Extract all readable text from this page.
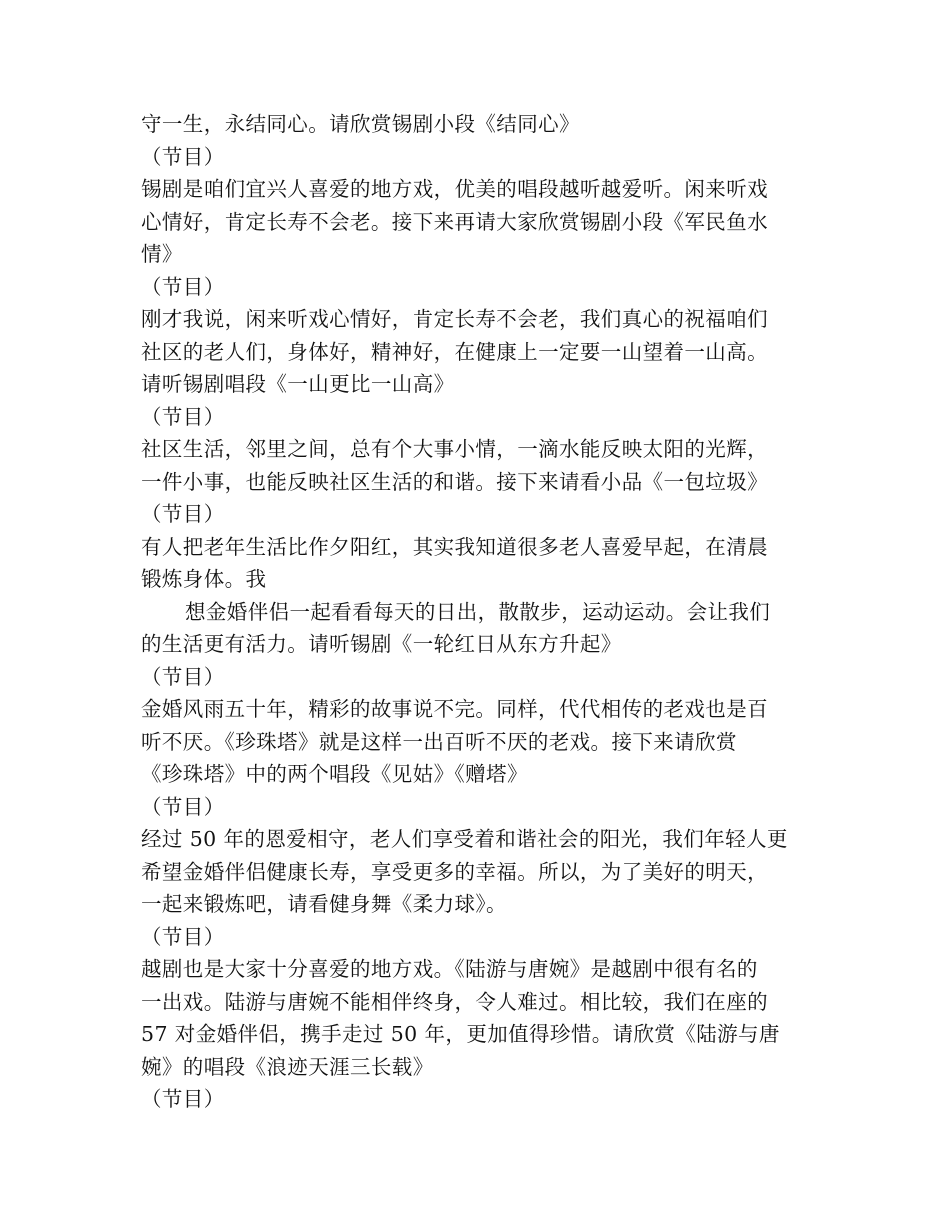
守一生，永结同心。请欣赏锡剧小段《结同心》
（节目）
锡剧是咱们宜兴人喜爱的地方戏，优美的唱段越听越爱听。闲来听戏
心情好，肯定长寿不会老。接下来再请大家欣赏锡剧小段《军民鱼水
情》
（节目）
刚才我说，闲来听戏心情好，肯定长寿不会老，我们真心的祝福咱们
社区的老人们，身体好，精神好，在健康上一定要一山望着一山高。
请听锡剧唱段《一山更比一山高》
（节目）
社区生活，邻里之间，总有个大事小情，一滴水能反映太阳的光辉，
一件小事，也能反映社区生活的和谐。接下来请看小品《一包垃圾》
（节目）
有人把老年生活比作夕阳红，其实我知道很多老人喜爱早起，在清晨
锻炼身体。我
想金婚伴侣一起看看每天的日出，散散步，运动运动。会让我们
的生活更有活力。请听锡剧《一轮红日从东方升起》
（节目）
金婚风雨五十年，精彩的故事说不完。同样，代代相传的老戏也是百
听不厌。《珍珠塔》就是这样一出百听不厌的老戏。接下来请欣赏
《珍珠塔》中的两个唱段《见姑》《赠塔》
（节目）
经过 50 年的恩爱相守，老人们享受着和谐社会的阳光，我们年轻人更
希望金婚伴侣健康长寿，享受更多的幸福。所以，为了美好的明天，
一起来锻炼吧，请看健身舞《柔力球》。
（节目）
越剧也是大家十分喜爱的地方戏。《陆游与唐婉》是越剧中很有名的
一出戏。陆游与唐婉不能相伴终身，令人难过。相比较，我们在座的
57 对金婚伴侣，携手走过 50 年，更加值得珍惜。请欣赏《陆游与唐
婉》的唱段《浪迹天涯三长载》
（节目）
